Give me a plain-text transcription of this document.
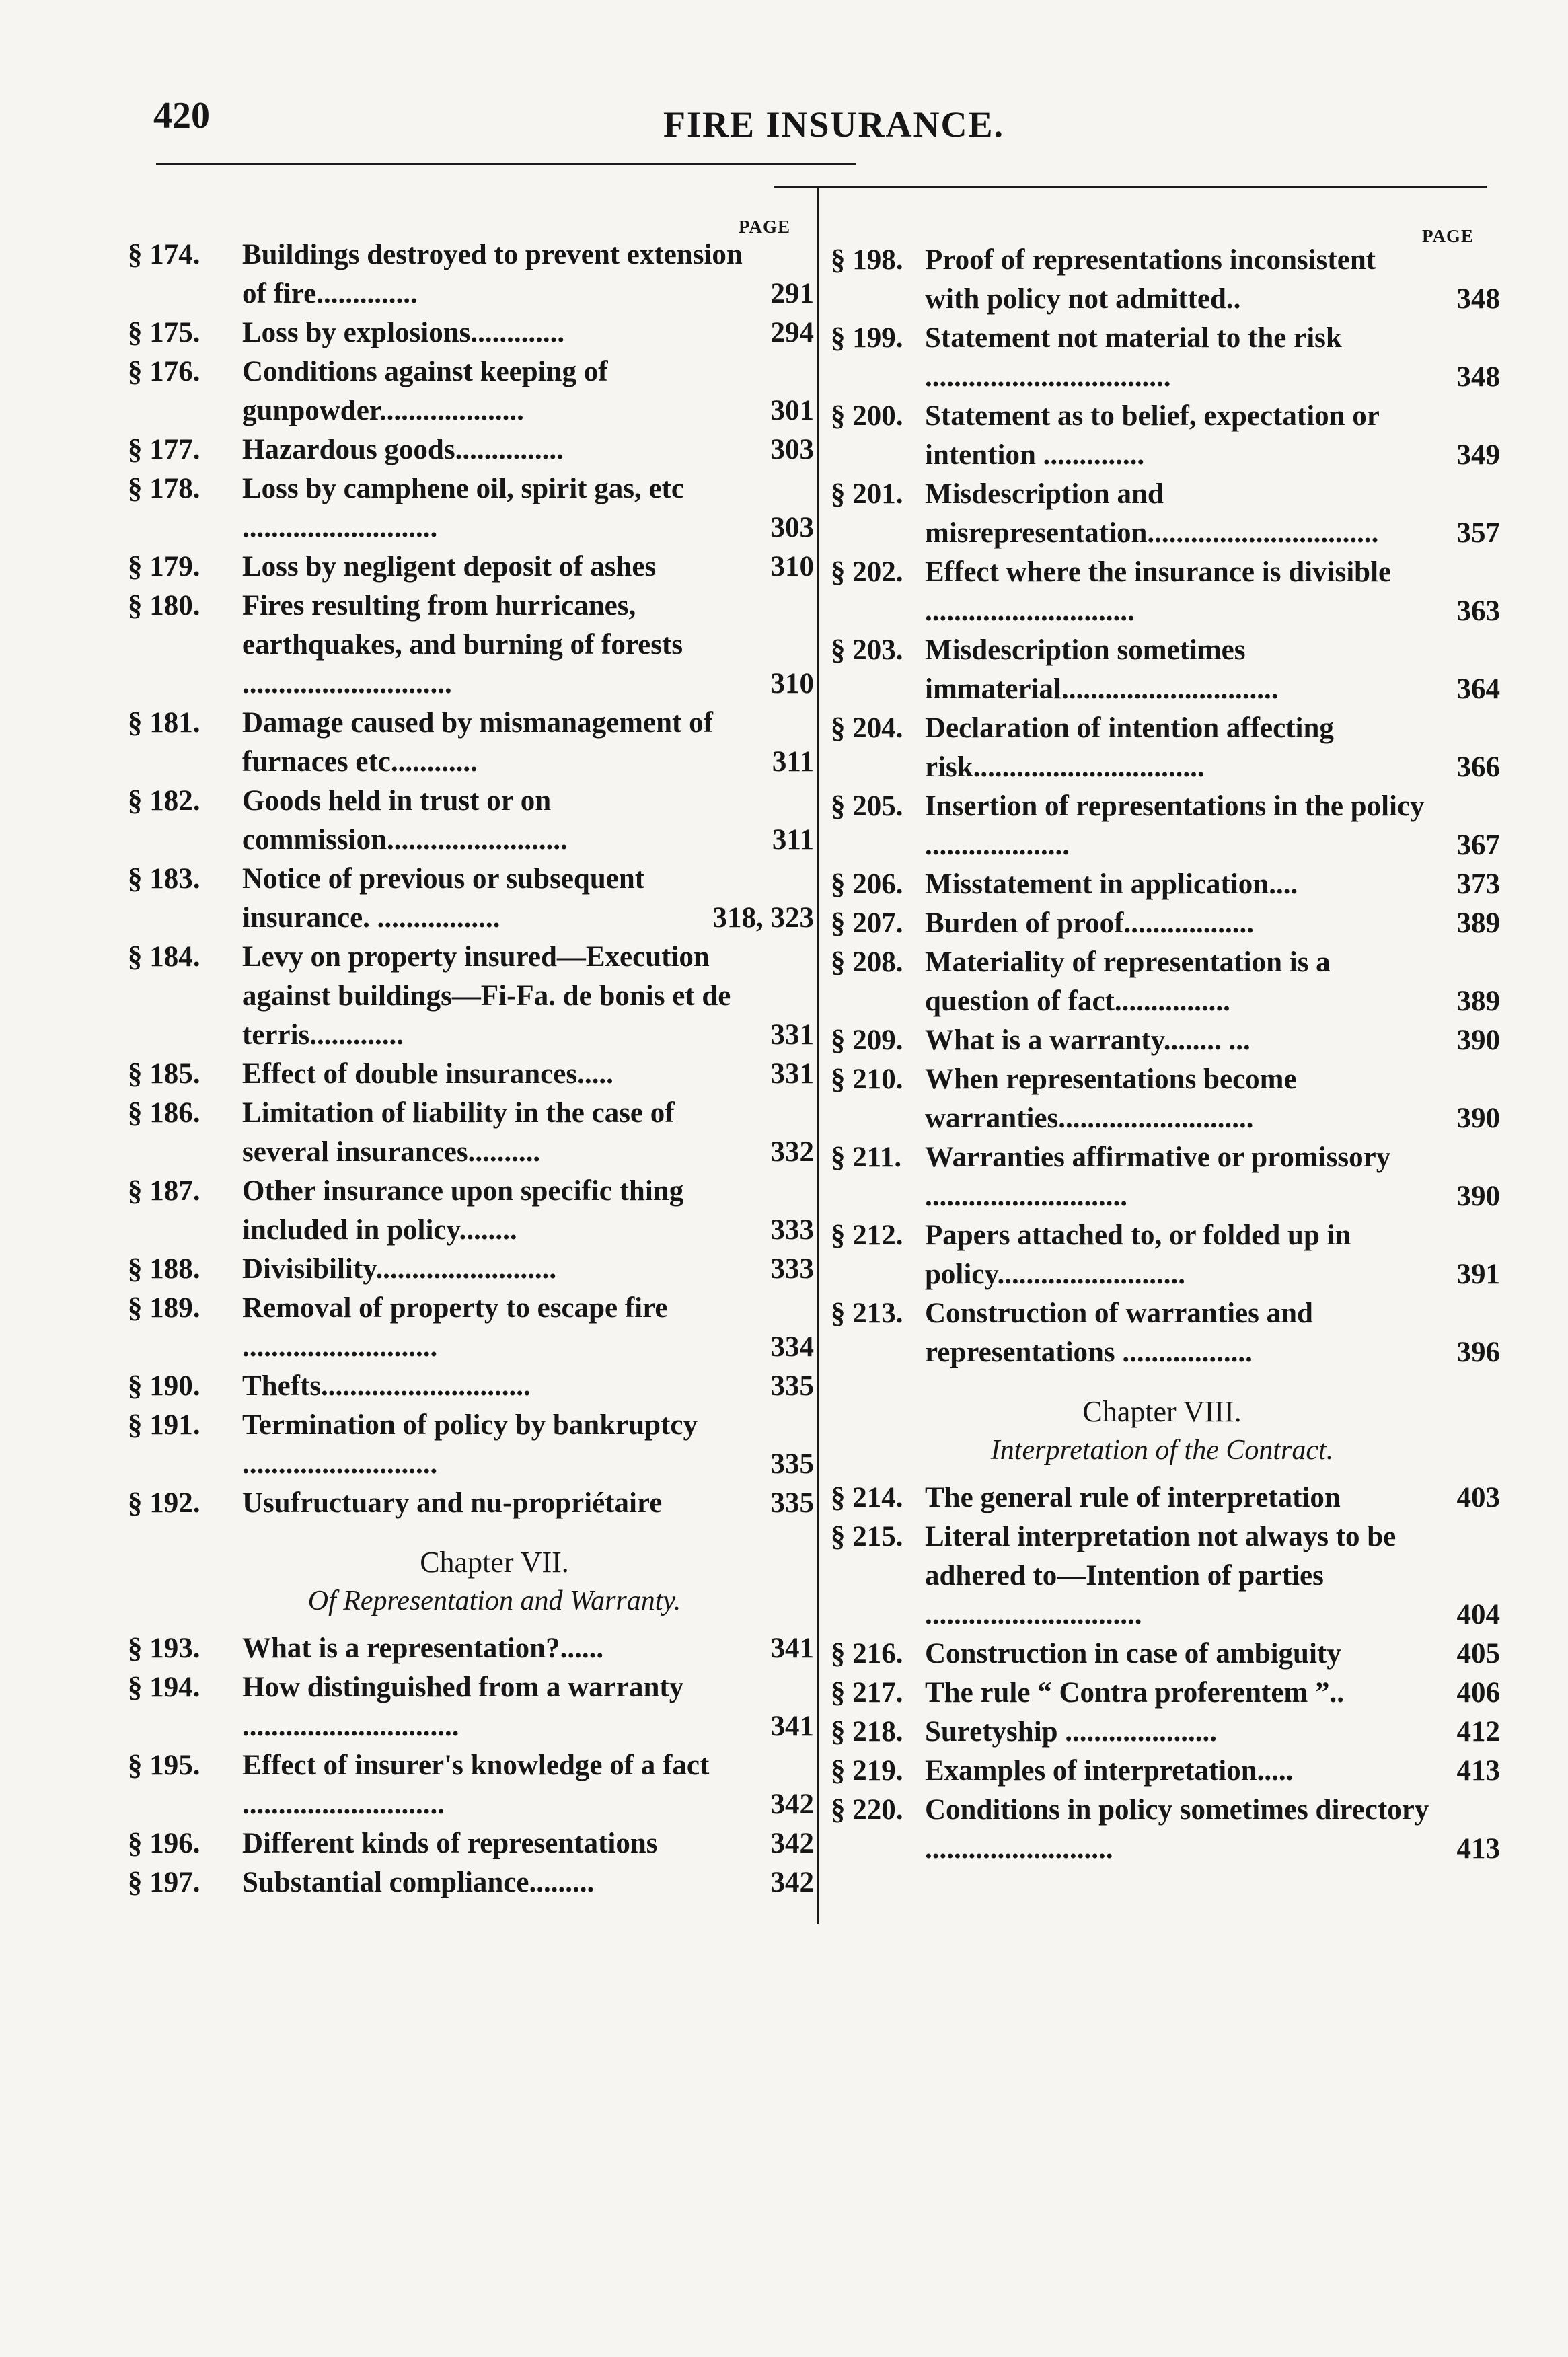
420	FIRE INSURANCE.
PAGE	PAGE
§ 174. Buildings destroyed to prevent extension of fire..............	291
§ 175. Loss by explosions.............	294
§ 176. Conditions against keeping of gunpowder....................	301
§ 177. Hazardous goods...............	303
§ 178. Loss by camphene oil, spirit gas, etc ...........................	303
§ 179. Loss by negligent deposit of ashes	310
§ 180. Fires resulting from hurricanes, earthquakes, and burning of forests .............................	310
§ 181. Damage caused by mismanagement of furnaces etc............	311
§ 182. Goods held in trust or on commission.........................	311
§ 183. Notice of previous or subsequent insurance. .................	318, 323
§ 184. Levy on property insured—Execution against buildings—Fi-Fa. de bonis et de terris.............	331
§ 185. Effect of double insurances.....	331
§ 186. Limitation of liability in the case of several insurances..........	332
§ 187. Other insurance upon specific thing included in policy........	333
§ 188. Divisibility.........................	333
§ 189. Removal of property to escape fire ...........................	334
§ 190. Thefts.............................	335
§ 191. Termination of policy by bankruptcy ...........................	335
§ 192. Usufructuary and nu-propriétaire	335
Chapter VII.
Of Representation and Warranty.
§ 193. What is a representation?......	341
§ 194. How distinguished from a warranty ..............................	341
§ 195. Effect of insurer's knowledge of a fact ............................	342
§ 196. Different kinds of representations	342
§ 197. Substantial compliance.........	342
§ 198. Proof of representations inconsistent with policy not admitted..	348
§ 199. Statement not material to the risk ..................................	348
§ 200. Statement as to belief, expectation or intention ..............	349
§ 201. Misdescription and misrepresentation................................	357
§ 202. Effect where the insurance is divisible .............................	363
§ 203. Misdescription sometimes immaterial..............................	364
§ 204. Declaration of intention affecting risk................................	366
§ 205. Insertion of representations in the policy ....................	367
§ 206. Misstatement in application....	373
§ 207. Burden of proof..................	389
§ 208. Materiality of representation is a question of fact................	389
§ 209. What is a warranty........ ...	390
§ 210. When representations become warranties...........................	390
§ 211. Warranties affirmative or promissory ............................	390
§ 212. Papers attached to, or folded up in policy..........................	391
§ 213. Construction of warranties and representations ..................	396
Chapter VIII.
Interpretation of the Contract.
§ 214. The general rule of interpretation	403
§ 215. Literal interpretation not always to be adhered to—Intention of parties ..............................	404
§ 216. Construction in case of ambiguity	405
§ 217. The rule “ Contra proferentem ”..	406
§ 218. Suretyship .....................	412
§ 219. Examples of interpretation.....	413
§ 220. Conditions in policy sometimes directory ..........................	413
